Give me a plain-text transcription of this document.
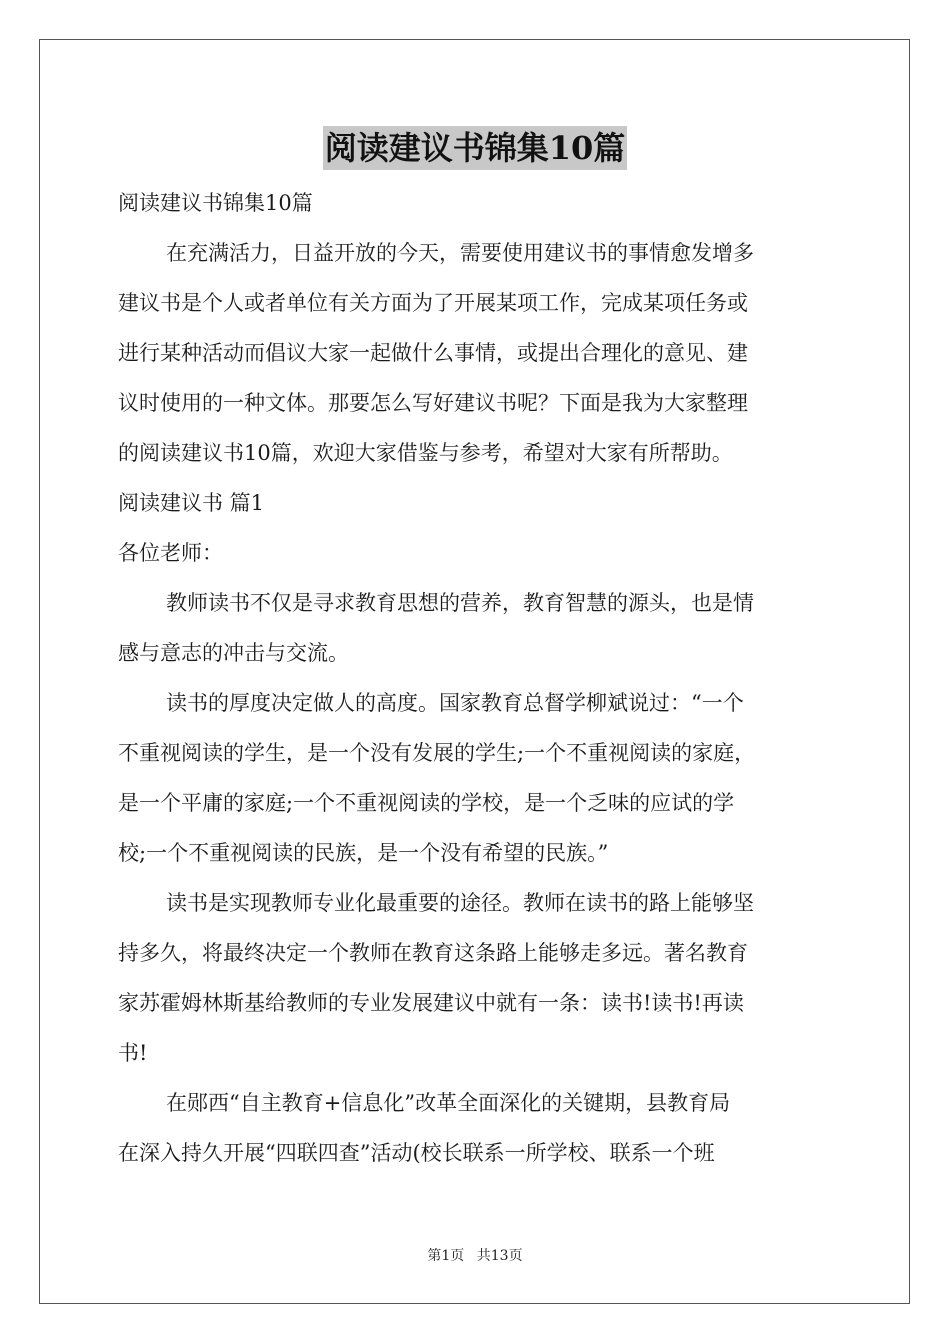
阅读建议书锦集10篇
阅读建议书锦集10篇
在充满活力，日益开放的今天，需要使用建议书的事情愈发增多
建议书是个人或者单位有关方面为了开展某项工作，完成某项任务或
进行某种活动而倡议大家一起做什么事情，或提出合理化的意见、建
议时使用的一种文体。那要怎么写好建议书呢？下面是我为大家整理
的阅读建议书10篇，欢迎大家借鉴与参考，希望对大家有所帮助。
阅读建议书 篇1
各位老师：
教师读书不仅是寻求教育思想的营养，教育智慧的源头，也是情
感与意志的冲击与交流。
读书的厚度决定做人的高度。国家教育总督学柳斌说过：“一个
不重视阅读的学生，是一个没有发展的学生;一个不重视阅读的家庭，
是一个平庸的家庭;一个不重视阅读的学校，是一个乏味的应试的学
校;一个不重视阅读的民族，是一个没有希望的民族。”
读书是实现教师专业化最重要的途径。教师在读书的路上能够坚
持多久，将最终决定一个教师在教育这条路上能够走多远。著名教育
家苏霍姆林斯基给教师的专业发展建议中就有一条：读书!读书!再读
书!
在郧西“自主教育+信息化”改革全面深化的关键期，县教育局
在深入持久开展“四联四查”活动(校长联系一所学校、联系一个班
第1页 共13页
